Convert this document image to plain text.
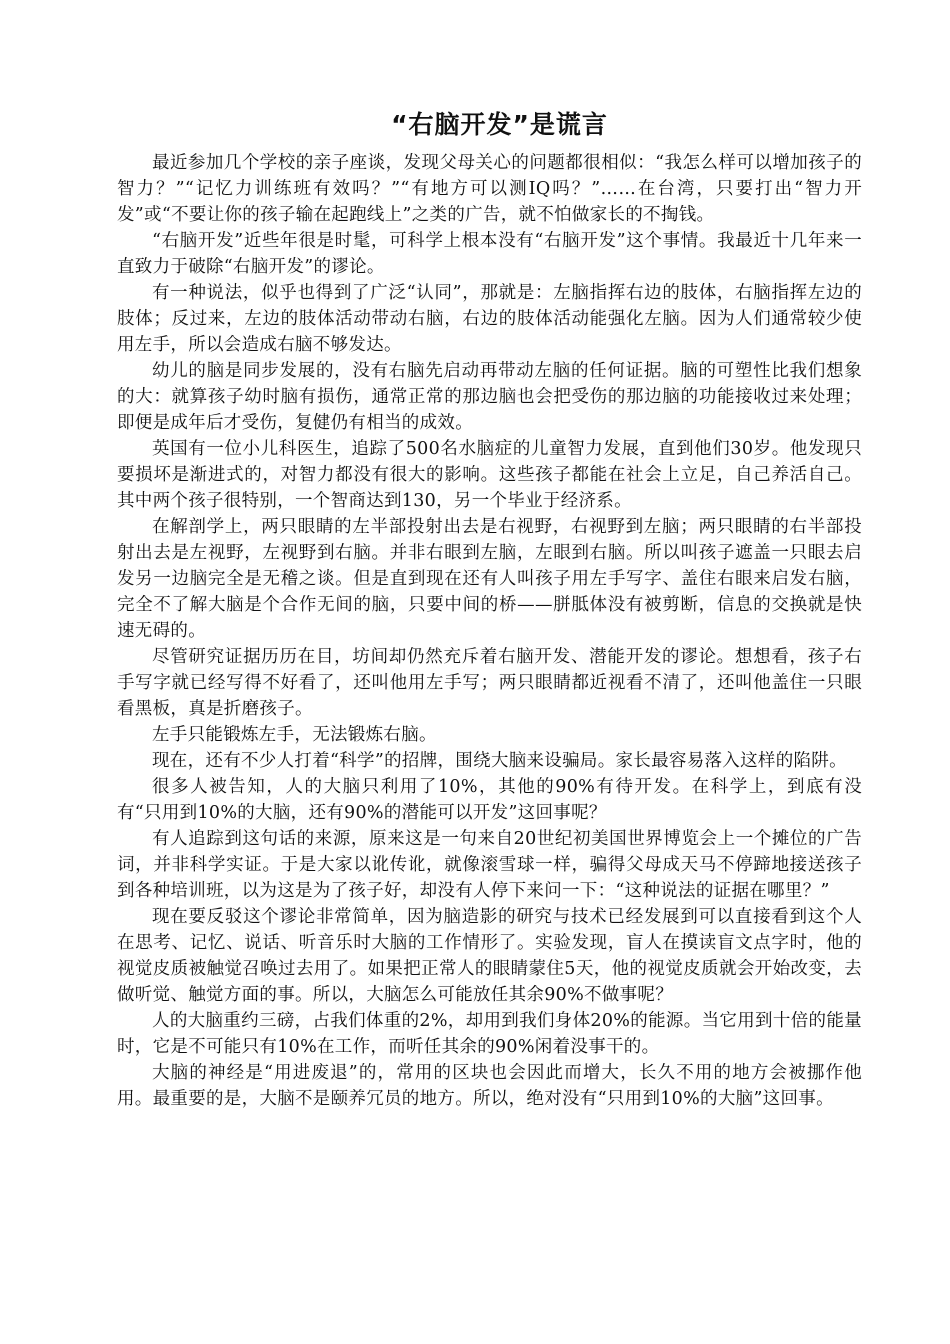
“右脑开发”是谎言

最近参加几个学校的亲子座谈，发现父母关心的问题都很相似：“我怎么样可以增加孩子的智力？”“记忆力训练班有效吗？”“有地方可以测IQ吗？”……在台湾，只要打出“智力开发”或“不要让你的孩子输在起跑线上”之类的广告，就不怕做家长的不掏钱。

“右脑开发”近些年很是时髦，可科学上根本没有“右脑开发”这个事情。我最近十几年来一直致力于破除“右脑开发”的谬论。

有一种说法，似乎也得到了广泛“认同”，那就是：左脑指挥右边的肢体，右脑指挥左边的肢体；反过来，左边的肢体活动带动右脑，右边的肢体活动能强化左脑。因为人们通常较少使用左手，所以会造成右脑不够发达。

幼儿的脑是同步发展的，没有右脑先启动再带动左脑的任何证据。脑的可塑性比我们想象的大：就算孩子幼时脑有损伤，通常正常的那边脑也会把受伤的那边脑的功能接收过来处理；即便是成年后才受伤，复健仍有相当的成效。

英国有一位小儿科医生，追踪了500名水脑症的儿童智力发展，直到他们30岁。他发现只要损坏是渐进式的，对智力都没有很大的影响。这些孩子都能在社会上立足，自己养活自己。其中两个孩子很特别，一个智商达到130，另一个毕业于经济系。

在解剖学上，两只眼睛的左半部投射出去是右视野，右视野到左脑；两只眼睛的右半部投射出去是左视野，左视野到右脑。并非右眼到左脑，左眼到右脑。所以叫孩子遮盖一只眼去启发另一边脑完全是无稽之谈。但是直到现在还有人叫孩子用左手写字、盖住右眼来启发右脑，完全不了解大脑是个合作无间的脑，只要中间的桥——胼胝体没有被剪断，信息的交换就是快速无碍的。

尽管研究证据历历在目，坊间却仍然充斥着右脑开发、潜能开发的谬论。想想看，孩子右手写字就已经写得不好看了，还叫他用左手写；两只眼睛都近视看不清了，还叫他盖住一只眼看黑板，真是折磨孩子。

左手只能锻炼左手，无法锻炼右脑。

现在，还有不少人打着“科学”的招牌，围绕大脑来设骗局。家长最容易落入这样的陷阱。

很多人被告知，人的大脑只利用了10%，其他的90%有待开发。在科学上，到底有没有“只用到10%的大脑，还有90%的潜能可以开发”这回事呢？

有人追踪到这句话的来源，原来这是一句来自20世纪初美国世界博览会上一个摊位的广告词，并非科学实证。于是大家以讹传讹，就像滚雪球一样，骗得父母成天马不停蹄地接送孩子到各种培训班，以为这是为了孩子好，却没有人停下来问一下：“这种说法的证据在哪里？”

现在要反驳这个谬论非常简单，因为脑造影的研究与技术已经发展到可以直接看到这个人在思考、记忆、说话、听音乐时大脑的工作情形了。实验发现，盲人在摸读盲文点字时，他的视觉皮质被触觉召唤过去用了。如果把正常人的眼睛蒙住5天，他的视觉皮质就会开始改变，去做听觉、触觉方面的事。所以，大脑怎么可能放任其余90%不做事呢？

人的大脑重约三磅，占我们体重的2%，却用到我们身体20%的能源。当它用到十倍的能量时，它是不可能只有10%在工作，而听任其余的90%闲着没事干的。

大脑的神经是“用进废退”的，常用的区块也会因此而增大，长久不用的地方会被挪作他用。最重要的是，大脑不是颐养冗员的地方。所以，绝对没有“只用到10%的大脑”这回事。
